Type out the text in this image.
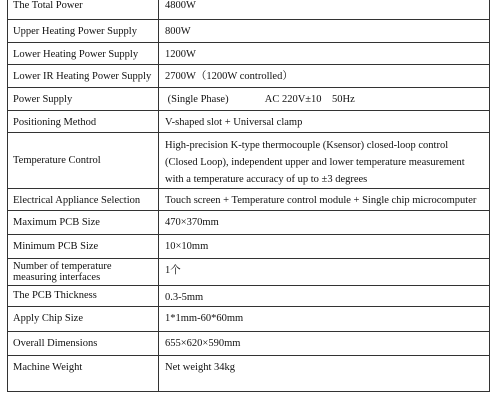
The Total Power	4800W

Upper Heating Power Supply	800W

Lower Heating Power Supply	1200W

Lower IR Heating Power Supply	2700W（1200W controlled）

Power Supply	(Single Phase)              AC 220V±10    50Hz

Positioning Method	V-shaped slot + Universal clamp

Temperature Control	High-precision K-type thermocouple (Ksensor) closed-loop control
(Closed Loop), independent upper and lower temperature measurement
with a temperature accuracy of up to ±3 degrees

Electrical Appliance Selection	Touch screen + Temperature control module + Single chip microcomputer

Maximum PCB Size	470×370mm

Minimum PCB Size	10×10mm

Number of temperature measuring interfaces	1个

The PCB Thickness	0.3-5mm

Apply Chip Size	1*1mm-60*60mm

Overall Dimensions	655×620×590mm

Machine Weight	Net weight 34kg
